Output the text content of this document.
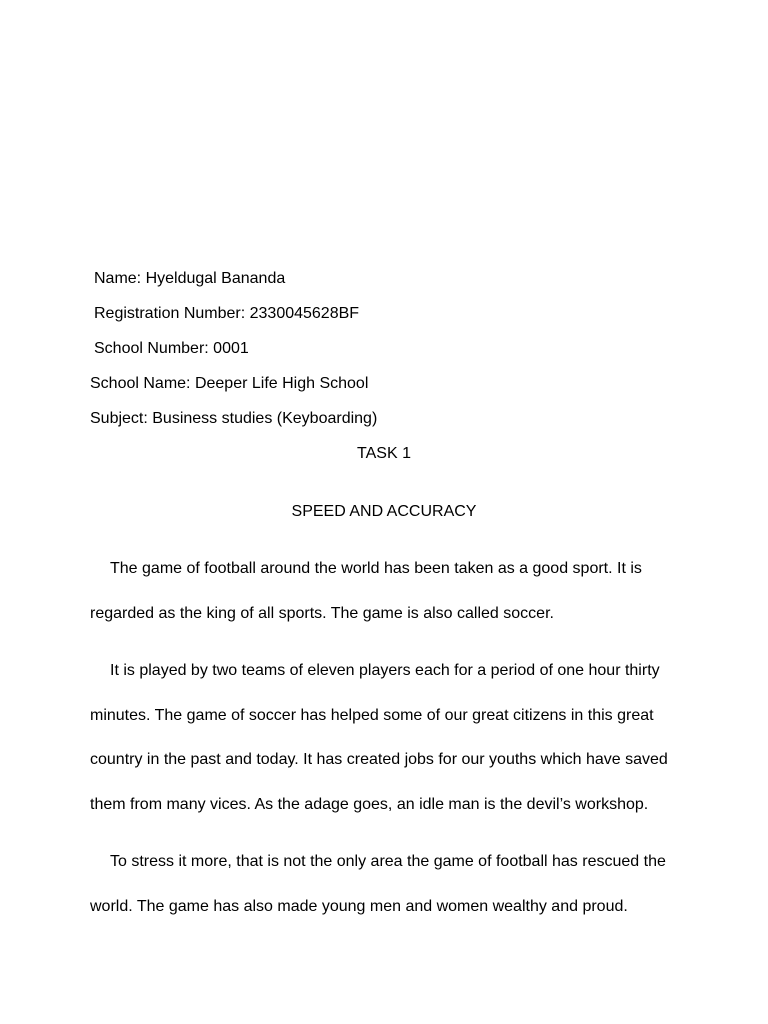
Name: Hyeldugal Bananda
Registration Number: 2330045628BF
School Number: 0001
School Name: Deeper Life High School
Subject: Business studies (Keyboarding)
TASK 1
SPEED AND ACCURACY
The game of football around the world has been taken as a good sport. It is
regarded as the king of all sports. The game is also called soccer.
It is played by two teams of eleven players each for a period of one hour thirty
minutes. The game of soccer has helped some of our great citizens in this great
country in the past and today. It has created jobs for our youths which have saved
them from many vices. As the adage goes, an idle man is the devil’s workshop.
To stress it more, that is not the only area the game of football has rescued the
world. The game has also made young men and women wealthy and proud.
